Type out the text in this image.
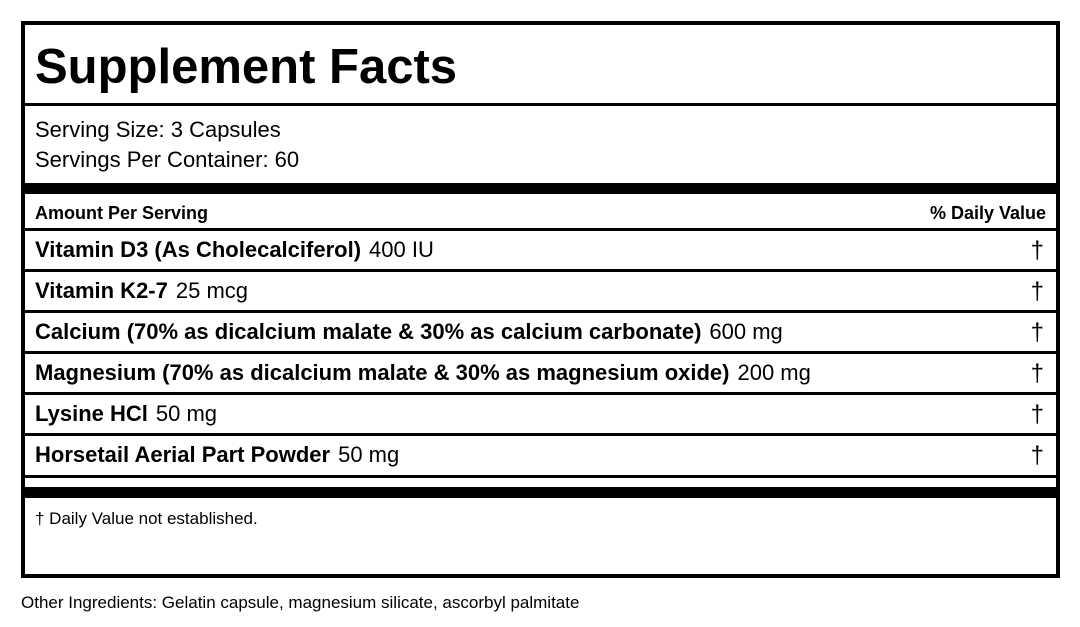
Supplement Facts
Serving Size: 3 Capsules
Servings Per Container: 60
Amount Per Serving	% Daily Value
Vitamin D3 (As Cholecalciferol) 400 IU	†
Vitamin K2-7 25 mcg	†
Calcium (70% as dicalcium malate & 30% as calcium carbonate) 600 mg	†
Magnesium (70% as dicalcium malate & 30% as magnesium oxide) 200 mg	†
Lysine HCl 50 mg	†
Horsetail Aerial Part Powder 50 mg	†
† Daily Value not established.
Other Ingredients: Gelatin capsule, magnesium silicate, ascorbyl palmitate
